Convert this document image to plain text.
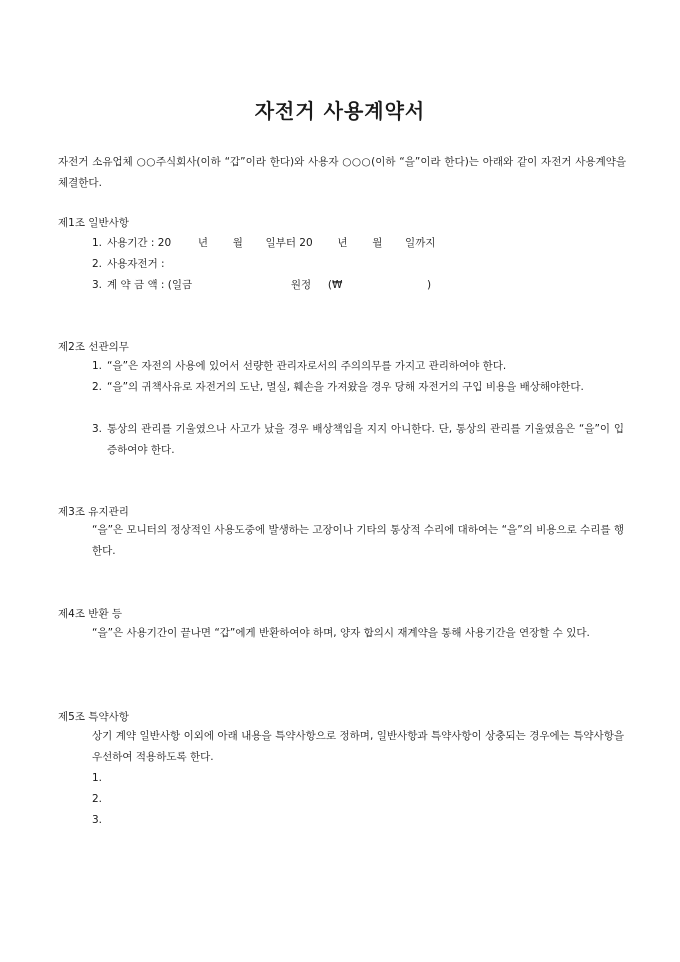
자전거 사용계약서
자전거 소유업체 ○○주식회사(이하 “갑”이라 한다)와 사용자 ○○○(이하 “을”이라 한다)는 아래와 같이 자전거 사용계약을 체결한다.
제1조 일반사항
1. 사용기간 : 20	년 월 일부터 20 년 월 일까지
2. 사용자전거 :
3. 계 약 금 액 : (일금	원정 (₩	)
제2조 선관의무
1. “을”은 자전의 사용에 있어서 선량한 관리자로서의 주의의무를 가지고 관리하여야 한다.
2. “을”의 귀책사유로 자전거의 도난, 멸실, 훼손을 가져왔을 경우 당해 자전거의 구입 비용을 배상해야한다.
3. 통상의 관리를 기울였으나 사고가 났을 경우 배상책임을 지지 아니한다. 단, 통상의 관리를 기울였음은 “을”이 입증하여야 한다.
제3조 유지관리
“을”은 모니터의 정상적인 사용도중에 발생하는 고장이나 기타의 통상적 수리에 대하여는 “을”의 비용으로 수리를 행한다.
제4조 반환 등
“을”은 사용기간이 끝나면 “갑”에게 반환하여야 하며, 양자 합의시 재계약을 통해 사용기간을 연장할 수 있다.
제5조 특약사항
상기 계약 일반사항 이외에 아래 내용을 특약사항으로 정하며, 일반사항과 특약사항이 상충되는 경우에는 특약사항을 우선하여 적용하도록 한다.
1.
2.
3.
